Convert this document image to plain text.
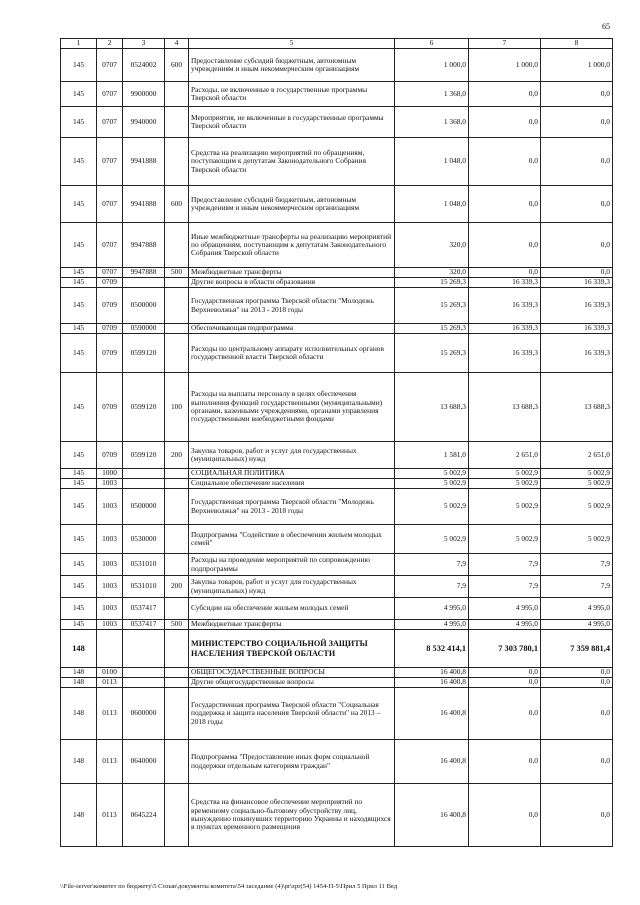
65
1	2	3	4	5	6	7	8
145	0707	0524002	600	Предоставление субсидий бюджетным, автономным учреждениям и иным некоммерческим организациям	1 000,0	1 000,0	1 000,0
145	0707	9900000		Расходы, не включенные в государственные программы Тверской области	1 368,0	0,0	0,0
145	0707	9940000		Мероприятия, не включенные в государственные программы Тверской области	1 368,0	0,0	0,0
145	0707	9941888		Средства на реализацию мероприятий по обращениям, поступающим к депутатам Законодательного Собрания Тверской области	1 048,0	0,0	0,0
145	0707	9941888	600	Предоставление субсидий бюджетным, автономным учреждениям и иным некоммерческим организациям	1 048,0	0,0	0,0
145	0707	9947888		Иные межбюджетные трансферты на реализацию мероприятий по обращениям, поступающим к депутатам Законодательного Собрания Тверской области	320,0	0,0	0,0
145	0707	9947888	500	Межбюджетные трансферты	320,0	0,0	0,0
145	0709			Другие вопросы в области образования	15 269,3	16 339,3	16 339,3
145	0709	0500000		Государственная программа Тверской области "Молодежь Верхневолжья" на 2013 - 2018 годы	15 269,3	16 339,3	16 339,3
145	0709	0590000		Обеспечивающая подпрограмма	15 269,3	16 339,3	16 339,3
145	0709	0599120		Расходы по центральному аппарату исполнительных органов государственной власти Тверской области	15 269,3	16 339,3	16 339,3
145	0709	0599120	100	Расходы на выплаты персоналу в целях обеспечения выполнения функций государственными (муниципальными) органами, казенными учреждениями, органами управления государственными внебюджетными фондами	13 688,3	13 688,3	13 688,3
145	0709	0599120	200	Закупка товаров, работ и услуг для государственных (муниципальных) нужд	1 581,0	2 651,0	2 651,0
145	1000			СОЦИАЛЬНАЯ ПОЛИТИКА	5 002,9	5 002,9	5 002,9
145	1003			Социальное обеспечение населения	5 002,9	5 002,9	5 002,9
145	1003	0500000		Государственная программа Тверской области "Молодежь Верхневолжья" на 2013 - 2018 годы	5 002,9	5 002,9	5 002,9
145	1003	0530000		Подпрограмма "Содействие в обеспечении жильем молодых семей"	5 002,9	5 002,9	5 002,9
145	1003	0531010		Расходы на проведение мероприятий по сопровождению подпрограммы	7,9	7,9	7,9
145	1003	0531010	200	Закупка товаров, работ и услуг для государственных (муниципальных) нужд	7,9	7,9	7,9
145	1003	0537417		Субсидии на обеспечение жильем молодых семей	4 995,0	4 995,0	4 995,0
145	1003	0537417	500	Межбюджетные трансферты	4 995,0	4 995,0	4 995,0
148				МИНИСТЕРСТВО СОЦИАЛЬНОЙ ЗАЩИТЫ НАСЕЛЕНИЯ ТВЕРСКОЙ ОБЛАСТИ	8 532 414,1	7 303 780,1	7 359 881,4
148	0100			ОБЩЕГОСУДАРСТВЕННЫЕ ВОПРОСЫ	16 400,8	0,0	0,0
148	0113			Другие общегосударственные вопросы	16 400,8	0,0	0,0
148	0113	0600000		Государственная программа Тверской области "Социальная поддержка и защита населения Тверской области" на 2013 – 2018 годы	16 400,8	0,0	0,0
148	0113	0640000		Подпрограмма "Предоставление иных форм социальной поддержки отдельным категориям граждан"	16 400,8	0,0	0,0
148	0113	0645224		Средства на финансовое обеспечение мероприятий по временному социально-бытовому обустройству лиц, вынужденно покинувших территорию Украины и находящихся в пунктах временного размещения	16 400,8	0,0	0,0
\\File-server\комитет по бюджету\5 Созыв\документы комитета\54 заседание (4)\pr\zpr(54) 1454-П-5\Прил 5 Прил 11 Вед
